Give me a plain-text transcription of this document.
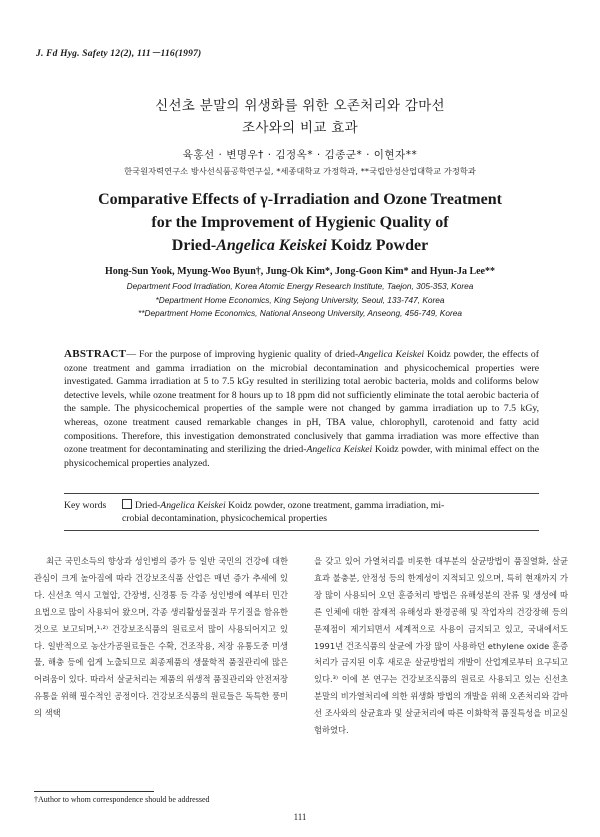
J. Fd Hyg. Safety 12(2), 111－116(1997)
신선초 분말의 위생화를 위한 오존처리와 감마선
조사와의 비교 효과
육홍선 · 변명우† · 김정옥* · 김종군* · 이현자**
한국원자력연구소 방사선식품공학연구실, *세종대학교 가정학과, **국립안성산업대학교 가정학과
Comparative Effects of γ-Irradiation and Ozone Treatment
for the Improvement of Hygienic Quality of
Dried-Angelica Keiskei Koidz Powder
Hong-Sun Yook, Myung-Woo Byun†, Jung-Ok Kim*, Jong-Goon Kim* and Hyun-Ja Lee**
Department Food Irradiation, Korea Atomic Energy Research Institute, Taejon, 305-353, Korea
*Department Home Economics, King Sejong University, Seoul, 133-747, Korea
**Department Home Economics, National Anseong University, Anseong, 456-749, Korea
ABSTRACT— For the purpose of improving hygienic quality of dried-Angelica Keiskei Koidz powder, the effects of ozone treatment and gamma irradiation on the microbial decontamination and physicochemical properties were investigated. Gamma irradiation at 5 to 7.5 kGy resulted in sterilizing total aerobic bacteria, molds and coliforms below detective levels, while ozone treatment for 8 hours up to 18 ppm did not sufficiently eliminate the total aerobic bacteria of the sample. The physicochemical properties of the sample were not changed by gamma irradiation up to 7.5 kGy, whereas, ozone treatment caused remarkable changes in pH, TBA value, chlorophyll, carotenoid and fatty acid compositions. Therefore, this investigation demonstrated conclusively that gamma irradiation was more effective than ozone treatment for decontaminating and sterilizing the dried-Angelica Keiskei Koidz powder, with minimal effect on the physicochemical properties analyzed.
Key words	Dried-Angelica Keiskei Koidz powder, ozone treatment, gamma irradiation, mi-
crobial decontamination, physicochemical properties

최근 국민소득의 향상과 성인병의 증가 등 일반 국민의 건강에 대한 관심이 크게 높아짐에 따라 건강보조식품 산업은 매년 증가 추세에 있다. 신선초 역시 고혈압, 간장병, 신경통 등 각종 성인병에 예부터 민간요법으로 많이 사용되어 왔으며, 각종 생리활성물질과 무기질을 함유한 것으로 보고되며,¹·²⁾ 건강보조식품의 원료로서 많이 사용되어지고 있다. 일반적으로 농산가공원료들은 수확, 건조작용, 저장 유통도중 미생물, 해충 등에 쉽게 노출되므로 최종제품의 생물학적 품질관리에 많은 어려움이 있다. 따라서 살균처리는 제품의 위생적 품질관리와 안전저장유통을 위해 필수적인 공정이다. 건강보조식품의 원료들은 독특한 풍미의 색택

을 갖고 있어 가열처리를 비롯한 대부분의 살균방법이 품질열화, 살균효과 불충분, 안정성 등의 한계성이 지적되고 있으며, 특히 현재까지 가장 많이 사용되어 오던 훈증처리 방법은 유해성분의 잔류 및 생성에 따른 인체에 대한 잠재적 유해성과 환경공해 및 작업자의 건강장해 등의 문제점이 제기되면서 세계적으로 사용이 금지되고 있고, 국내에서도 1991년 건조식품의 살균에 가장 많이 사용하던 ethylene oxide 훈증처리가 금지된 이후 새로운 살균방법의 개발이 산업계로부터 요구되고 있다.³⁾ 이에 본 연구는 건강보조식품의 원료로 사용되고 있는 신선초 분말의 비가열처리에 의한 위생화 방법의 개발을 위해 오존처리와 감마선 조사와의 살균효과 및 살균처리에 따른 이화학적 품질특성을 비교실험하였다.

†Author to whom correspondence should be addressed
111
